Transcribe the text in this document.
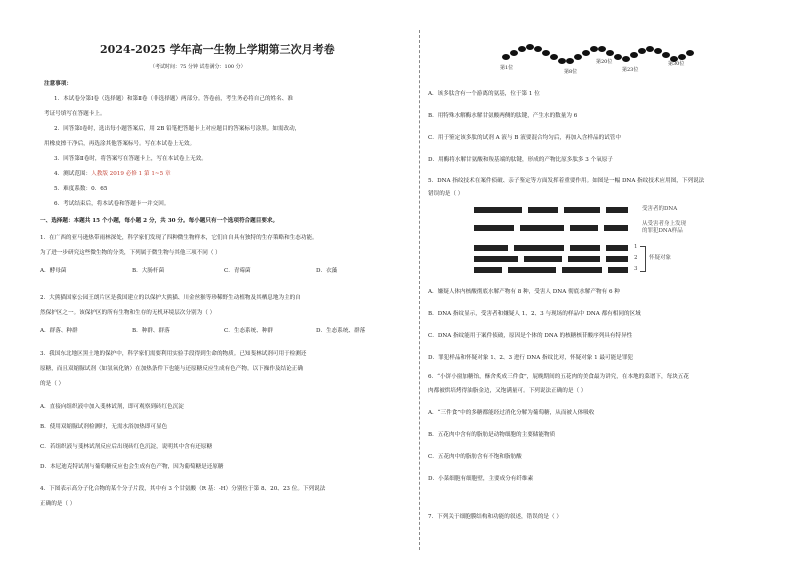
2024-2025 学年高一生物上学期第三次月考卷
（考试时间：75 分钟 试卷满分：100 分）
注意事项：
1．本试卷分第Ⅰ卷（选择题）和第Ⅱ卷（非选择题）两部分。答卷前，考生务必将自己的姓名、准
考证号填写在答题卡上。
2．回答第Ⅰ卷时，选出每小题答案后，用 2B 铅笔把答题卡上对应题目的答案标号涂黑。如需改动，
用橡皮擦干净后，再选涂其他答案标号。写在本试卷上无效。
3．回答第Ⅱ卷时，将答案写在答题卡上，写在本试卷上无效。
4．测试范围：人教版 2019 必修 1 第 1~5 章
5．难度系数：0．65
6．考试结束后，将本试卷和答题卡一并交回。
一、选择题：本题共 15 个小题，每小题 2 分，共 30 分。每小题只有一个选项符合题目要求。
1．在广西的亚马逊热带雨林深处，科学家们发现了四种微生物样本，它们自自具有独特的生存策略和生态功能。
为了进一步研究这些微生物的分类，下列属于微生物与其他三项不同（ ）
A．酵母菌	B．大肠杆菌	C．青霉菌	D．衣藻
2．大熊猫国家公园王朗片区是我国建立的以保护大熊猫、川金丝猴等珍稀野生动植物及其栖息地为主的自
然保护区之一。该保护区的所有生物和生存的无机环境层次分别为（ ）
A．群落、种群	B．种群、群落	C．生态系统、种群	D．生态系统、群落
3．我国东北地区黑土地的保护中，科学家们需要利用实验手段得到生命的物质。已知斐林试剂可用于检测还
原糖，而且双缩脲试剂（如氢氧化钠）在加热条件下也能与还原糖反应生成有色产物。以下操作及结论正确
的是（ ）
A．直接向组织液中加入斐林试剂，即可观察到砖红色沉淀
B．使用双缩脲试剂检测时，无需水浴加热即可显色
C．若组织液与斐林试剂反应后出现砖红色沉淀，说明其中含有还原糖
D．本尼迪克特试剂与葡萄糖反应也会生成有色产物，因为葡萄糖是还原糖
4．下图表示高分子化合物的某个分子片段，其中有 3 个甘氨酸（R 基：-H）分别位于第 8、20、23 位。下列说法
正确的是（ ）
第1位
第8位
第20位
第23位
第30位
A．该多肽含有一个游离的氨基，位于第 1 位
B．用特殊水解酶水解甘氨酸两侧的肽键，产生水的数量为 6
C．用于鉴定该多肽的试剂 A 液与 B 液要混合均匀后，再加入含样品的试管中
D．用酶将水解甘氨酸和羧基端的肽键，形成的产物比原多肽多 3 个氧原子
5．DNA 指纹技术在案件侦破、亲子鉴定等方面发挥着重要作用。如图是一幅 DNA 指纹技术应用图，下列说法
错误的是（ ）
A．嫌疑人体内核酸彻底水解产物有 8 种，受害人 DNA 彻底水解产物有 6 种
B．DNA 指纹显示，受害者和嫌疑人 1、2、3 与现场的样品中 DNA 都有相同的区域
C．DNA 指纹能用于案件侦破，原因是个体的 DNA 的核糖核苷酸序列具有特异性
D．罪犯样品和怀疑对象 1、2、3 进行 DNA 指纹比对，怀疑对象 1 最可能是罪犯
6．“小饼小窗加糖饴，酥舍炙成三件食”，屁晚期间的五花肉的美食最为讲究，在本地的菜谱下，每块五花
肉都被烘培烤得油脂金边，又饱满量可。下列说法正确的是（ ）
A．“三件食”中的多糖都能经过消化分解为葡萄糖，从而被人体吸收
B．五花肉中含有的脂肪是动物细胞的主要储能物质
C．五花肉中的脂肪含有不饱和脂肪酸
D．小菜细胞有细胞壁，主要成分有纤维素
7．下列关于细胞膜结构和功能的叙述，错误的是（ ）
受害者的DNA
从受害者身上发现
的罪犯DNA样品
1
2
3
怀疑对象
